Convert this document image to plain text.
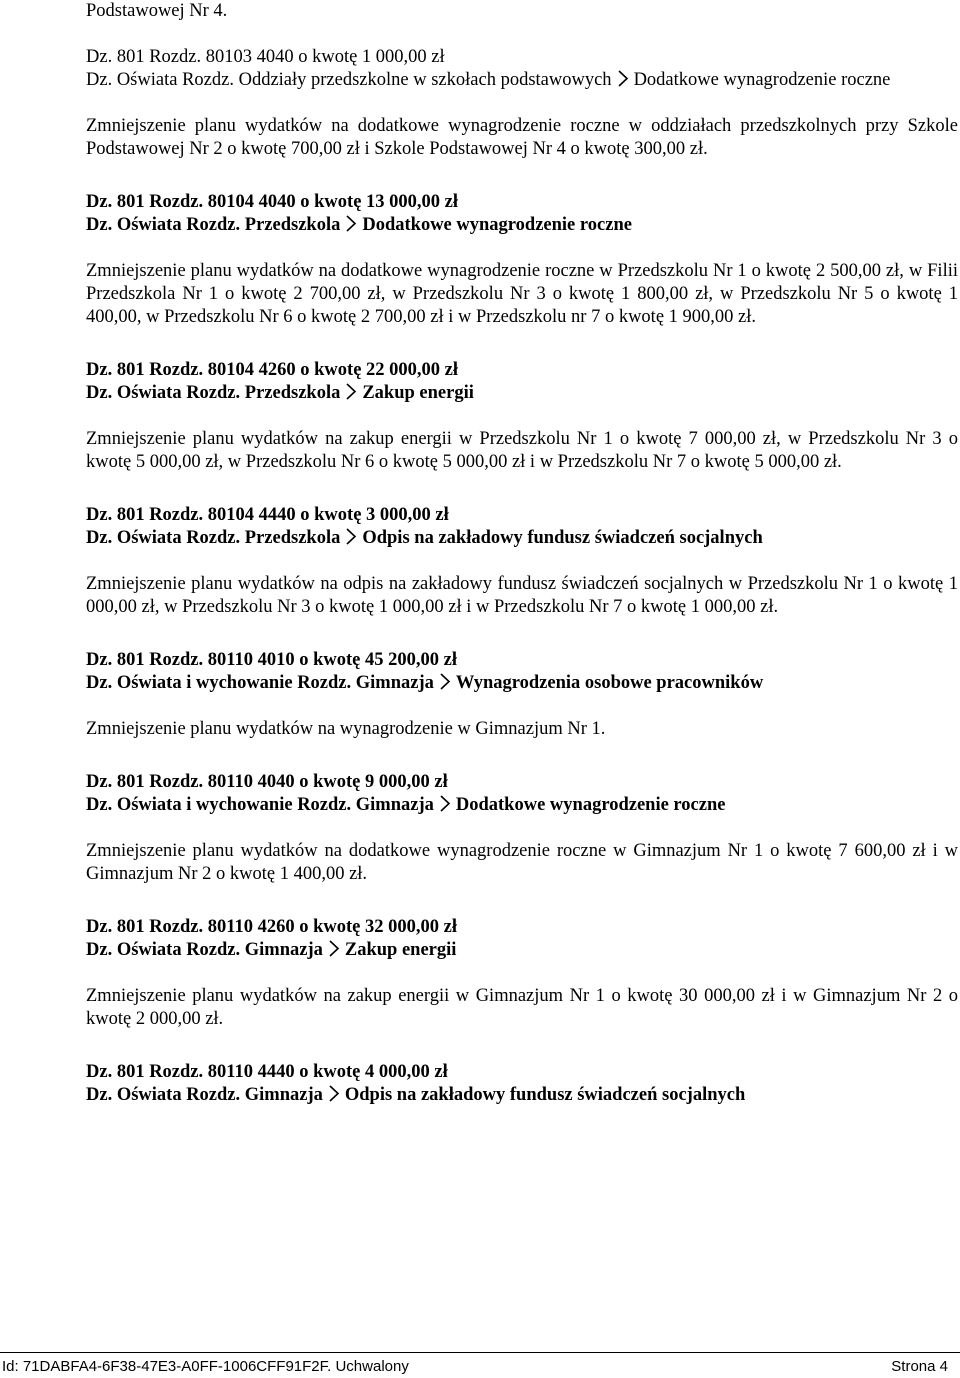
Podstawowej Nr 4.
Dz. 801 Rozdz. 80103 4040 o kwotę 1 000,00 zł
Dz. Oświata Rozdz. Oddziały przedszkolne w szkołach podstawowych Dodatkowe wynagrodzenie roczne
Zmniejszenie planu wydatków na dodatkowe wynagrodzenie roczne w oddziałach przedszkolnych przy Szkole Podstawowej Nr 2 o kwotę 700,00 zł i Szkole Podstawowej Nr 4 o kwotę 300,00 zł.
Dz. 801 Rozdz. 80104 4040 o kwotę 13 000,00 zł
Dz. Oświata Rozdz. Przedszkola Dodatkowe wynagrodzenie roczne
Zmniejszenie planu wydatków na dodatkowe wynagrodzenie roczne w Przedszkolu Nr 1 o kwotę 2 500,00 zł, w Filii Przedszkola Nr 1 o kwotę 2 700,00 zł, w Przedszkolu Nr 3 o kwotę 1 800,00 zł, w Przedszkolu Nr 5 o kwotę 1 400,00, w Przedszkolu Nr 6 o kwotę 2 700,00 zł i w Przedszkolu nr 7 o kwotę 1 900,00 zł.
Dz. 801 Rozdz. 80104 4260 o kwotę 22 000,00 zł
Dz. Oświata Rozdz. Przedszkola Zakup energii
Zmniejszenie planu wydatków na zakup energii w Przedszkolu Nr 1 o kwotę 7 000,00 zł, w Przedszkolu Nr 3 o kwotę 5 000,00 zł, w Przedszkolu Nr 6 o kwotę 5 000,00 zł i w Przedszkolu Nr 7 o kwotę 5 000,00 zł.
Dz. 801 Rozdz. 80104 4440 o kwotę 3 000,00 zł
Dz. Oświata Rozdz. Przedszkola Odpis na zakładowy fundusz świadczeń socjalnych
Zmniejszenie planu wydatków na odpis na zakładowy fundusz świadczeń socjalnych w Przedszkolu Nr 1 o kwotę 1 000,00 zł, w Przedszkolu Nr 3 o kwotę 1 000,00 zł i w Przedszkolu Nr 7 o kwotę 1 000,00 zł.
Dz. 801 Rozdz. 80110 4010 o kwotę 45 200,00 zł
Dz. Oświata i wychowanie Rozdz. Gimnazja Wynagrodzenia osobowe pracowników
Zmniejszenie planu wydatków na wynagrodzenie w Gimnazjum Nr 1.
Dz. 801 Rozdz. 80110 4040 o kwotę 9 000,00 zł
Dz. Oświata i wychowanie Rozdz. Gimnazja Dodatkowe wynagrodzenie roczne
Zmniejszenie planu wydatków na dodatkowe wynagrodzenie roczne w Gimnazjum Nr 1 o kwotę 7 600,00 zł i w Gimnazjum Nr 2 o kwotę 1 400,00 zł.
Dz. 801 Rozdz. 80110 4260 o kwotę 32 000,00 zł
Dz. Oświata Rozdz. Gimnazja Zakup energii
Zmniejszenie planu wydatków na zakup energii w Gimnazjum Nr 1 o kwotę 30 000,00 zł i w Gimnazjum Nr 2 o kwotę 2 000,00 zł.
Dz. 801 Rozdz. 80110 4440 o kwotę 4 000,00 zł
Dz. Oświata Rozdz. Gimnazja Odpis na zakładowy fundusz świadczeń socjalnych
Id: 71DABFA4-6F38-47E3-A0FF-1006CFF91F2F. Uchwalony	Strona 4
